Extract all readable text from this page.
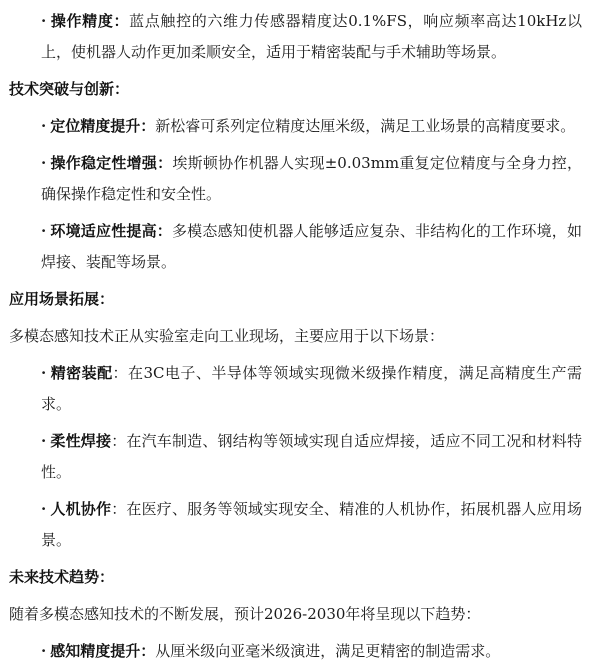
· 操作精度：蓝点触控的六维力传感器精度达0.1%FS，响应频率高达10kHz以上，使机器人动作更加柔顺安全，适用于精密装配与手术辅助等场景。
技术突破与创新：
· 定位精度提升：新松睿可系列定位精度达厘米级，满足工业场景的高精度要求。
· 操作稳定性增强：埃斯顿协作机器人实现±0.03mm重复定位精度与全身力控，确保操作稳定性和安全性。
· 环境适应性提高：多模态感知使机器人能够适应复杂、非结构化的工作环境，如焊接、装配等场景。
应用场景拓展：
多模态感知技术正从实验室走向工业现场，主要应用于以下场景：
· 精密装配：在3C电子、半导体等领域实现微米级操作精度，满足高精度生产需求。
· 柔性焊接：在汽车制造、钢结构等领域实现自适应焊接，适应不同工况和材料特性。
· 人机协作：在医疗、服务等领域实现安全、精准的人机协作，拓展机器人应用场景。
未来技术趋势：
随着多模态感知技术的不断发展，预计2026-2030年将呈现以下趋势：
· 感知精度提升：从厘米级向亚毫米级演进，满足更精密的制造需求。
